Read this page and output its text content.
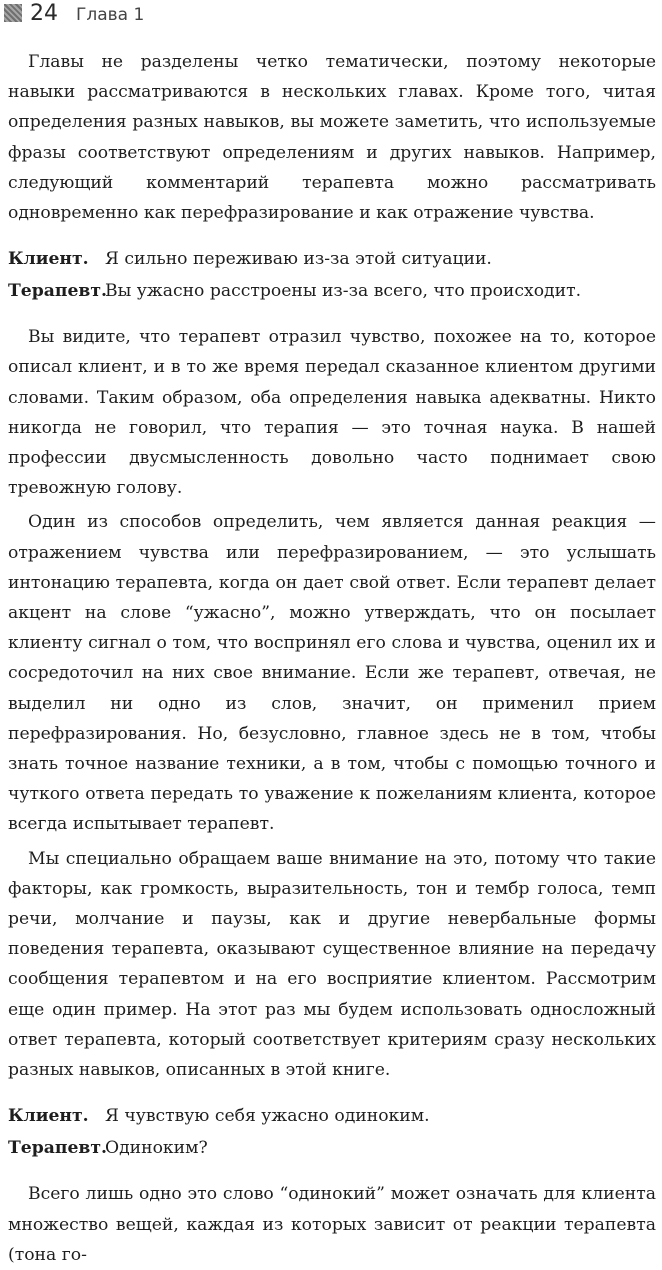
24 Глава 1

Главы не разделены четко тематически, поэтому некоторые навыки рассматриваются в нескольких главах. Кроме того, читая определения разных навыков, вы можете заметить, что используемые фразы соответствуют определениям и других навыков. Например, следующий комментарий терапевта можно рассматривать одновременно как перефразирование и как отражение чувства.

Клиент. Я сильно переживаю из-за этой ситуации.
Терапевт.
Вы ужасно расстроены из-за всего, что происходит.

Вы видите, что терапевт отразил чувство, похожее на то, которое описал клиент, и в то же время передал сказанное клиентом другими словами. Таким образом, оба определения навыка адекватны. Никто никогда не говорил, что терапия — это точная наука. В нашей профессии двусмысленность довольно часто поднимает свою тревожную голову.

Один из способов определить, чем является данная реакция — отражением чувства или перефразированием, — это услышать интонацию терапевта, когда он дает свой ответ. Если терапевт делает акцент на слове “ужасно”, можно утверждать, что он посылает клиенту сигнал о том, что воспринял его слова и чувства, оценил их и сосредоточил на них свое внимание. Если же терапевт, отвечая, не выделил ни одно из слов, значит, он применил прием перефразирования. Но, безусловно, главное здесь не в том, чтобы знать точное название техники, а в том, чтобы с помощью точного и чуткого ответа передать то уважение к пожеланиям клиента, которое всегда испытывает терапевт.

Мы специально обращаем ваше внимание на это, потому что такие факторы, как громкость, выразительность, тон и тембр голоса, темп речи, молчание и паузы, как и другие невербальные формы поведения терапевта, оказывают существенное влияние на передачу сообщения терапевтом и на его восприятие клиентом. Рассмотрим еще один пример. На этот раз мы будем использовать односложный ответ терапевта, который соответствует критериям сразу нескольких разных навыков, описанных в этой книге.

Клиент. Я чувствую себя ужасно одиноким.
Терапевт.
Одиноким?

Всего лишь одно это слово “одинокий” может означать для клиента множество вещей, каждая из которых зависит от реакции терапевта (тона го-
